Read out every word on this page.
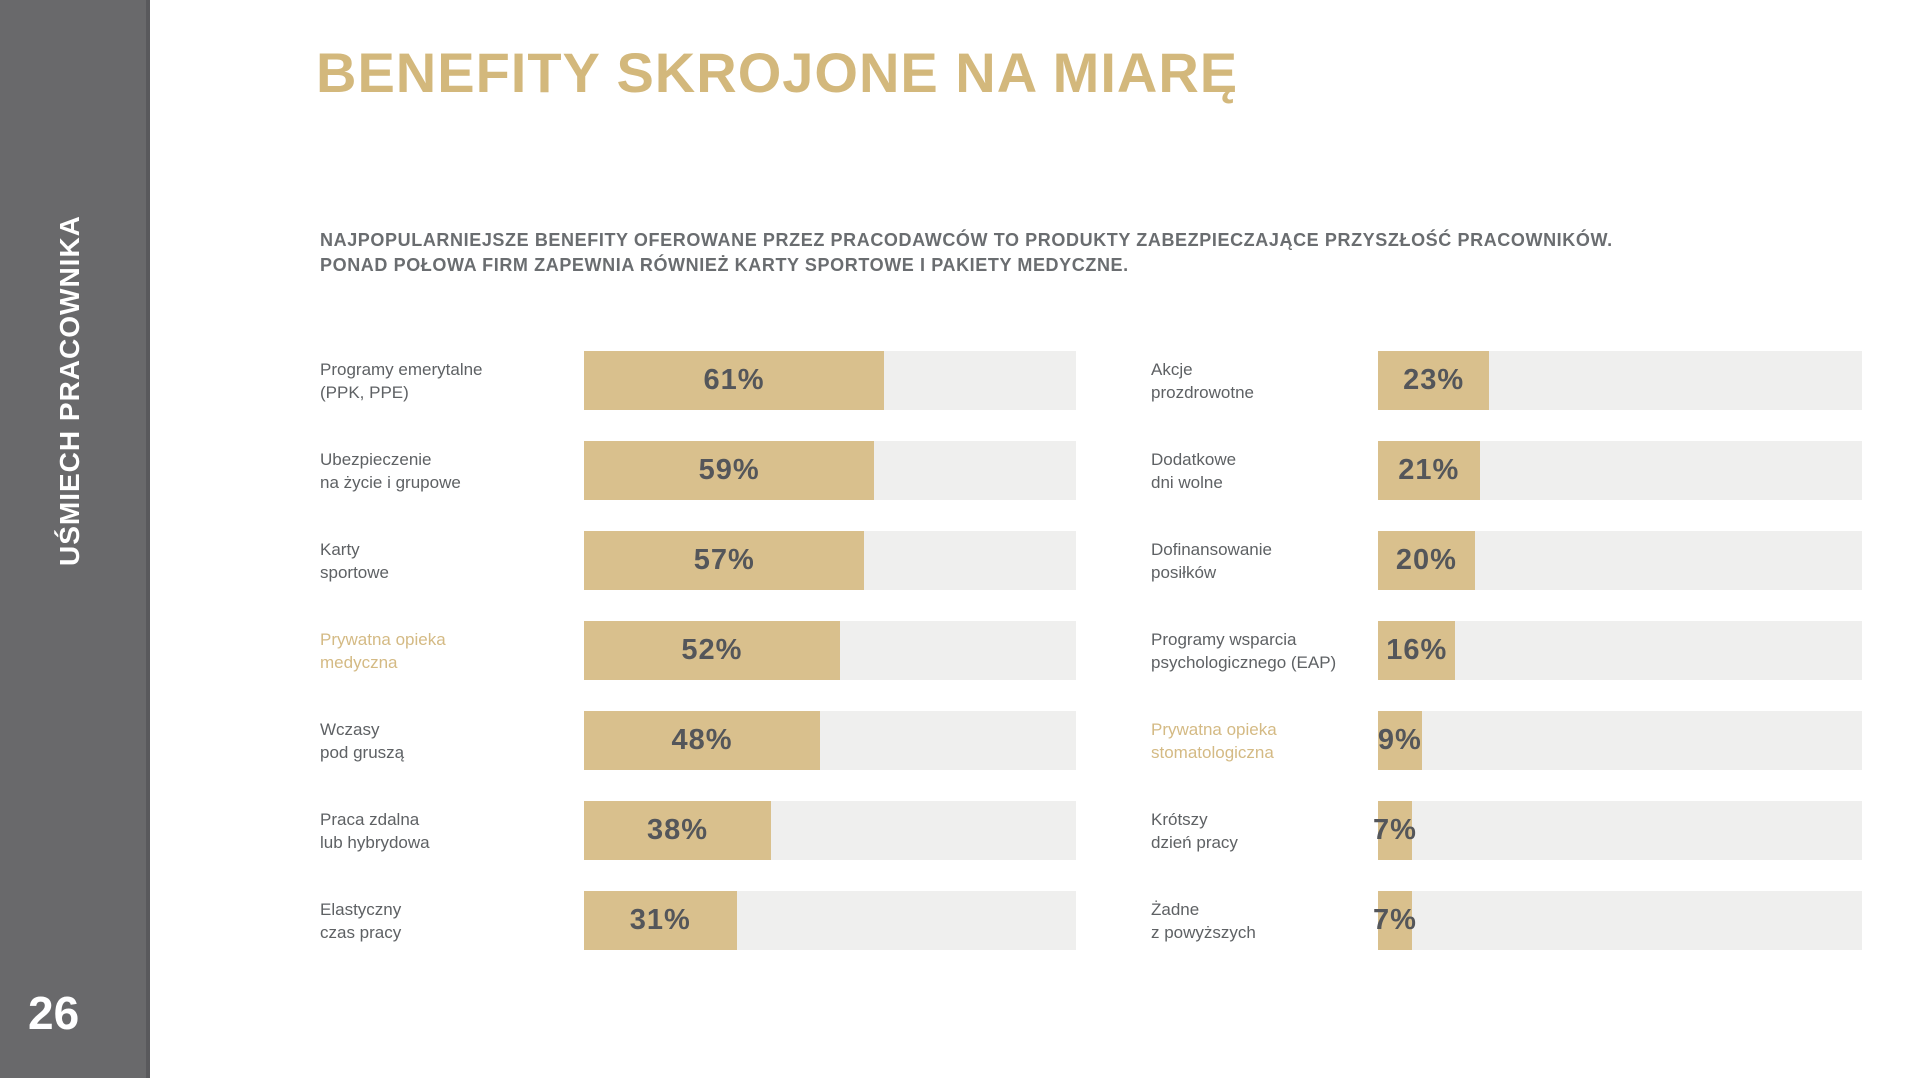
UŚMIECH PRACOWNIKA
26
BENEFITY SKROJONE NA MIARĘ
NAJPOPULARNIEJSZE BENEFITY OFEROWANE PRZEZ PRACODAWCÓW TO PRODUKTY ZABEZPIECZAJĄCE PRZYSZŁOŚĆ PRACOWNIKÓW.
PONAD POŁOWA FIRM ZAPEWNIA RÓWNIEŻ KARTY SPORTOWE I PAKIETY MEDYCZNE.
Programy emerytalne
(PPK, PPE)	61%
Ubezpieczenie
na życie i grupowe	59%
Karty
sportowe	57%
Prywatna opieka
medyczna	52%
Wczasy
pod gruszą	48%
Praca zdalna
lub hybrydowa	38%
Elastyczny
czas pracy	31%
Akcje
prozdrowotne	23%
Dodatkowe
dni wolne	21%
Dofinansowanie
posiłków	20%
Programy wsparcia
psychologicznego (EAP)	16%
Prywatna opieka
stomatologiczna	9%
Krótszy
dzień pracy	7%
Żadne
z powyższych	7%
